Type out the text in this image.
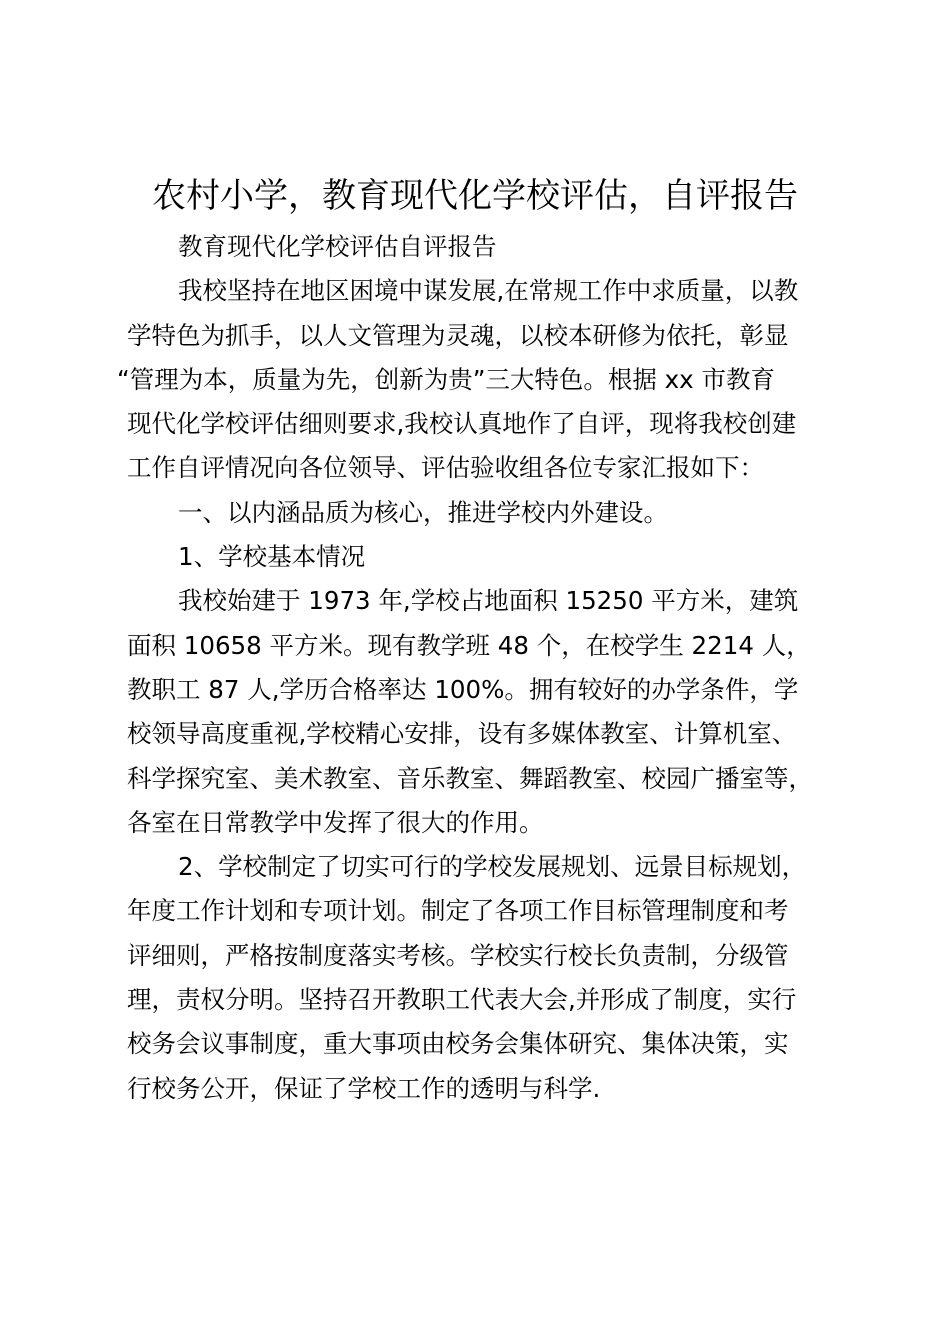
农村小学，教育现代化学校评估，自评报告
教育现代化学校评估自评报告
我校坚持在地区困境中谋发展,在常规工作中求质量，以教
学特色为抓手，以人文管理为灵魂，以校本研修为依托，彰显
“管理为本，质量为先，创新为贵”三大特色。根据 xx 市教育
现代化学校评估细则要求,我校认真地作了自评，现将我校创建
工作自评情况向各位领导、评估验收组各位专家汇报如下：
一、以内涵品质为核心，推进学校内外建设。
1、学校基本情况
我校始建于 1973 年,学校占地面积 15250 平方米，建筑
面积 10658 平方米。现有教学班 48 个，在校学生 2214 人，
教职工 87 人,学历合格率达 100%。拥有较好的办学条件，学
校领导高度重视,学校精心安排，设有多媒体教室、计算机室、
科学探究室、美术教室、音乐教室、舞蹈教室、校园广播室等，
各室在日常教学中发挥了很大的作用。
2、学校制定了切实可行的学校发展规划、远景目标规划，
年度工作计划和专项计划。制定了各项工作目标管理制度和考
评细则，严格按制度落实考核。学校实行校长负责制，分级管
理，责权分明。坚持召开教职工代表大会,并形成了制度，实行
校务会议事制度，重大事项由校务会集体研究、集体决策，实
行校务公开，保证了学校工作的透明与科学.
